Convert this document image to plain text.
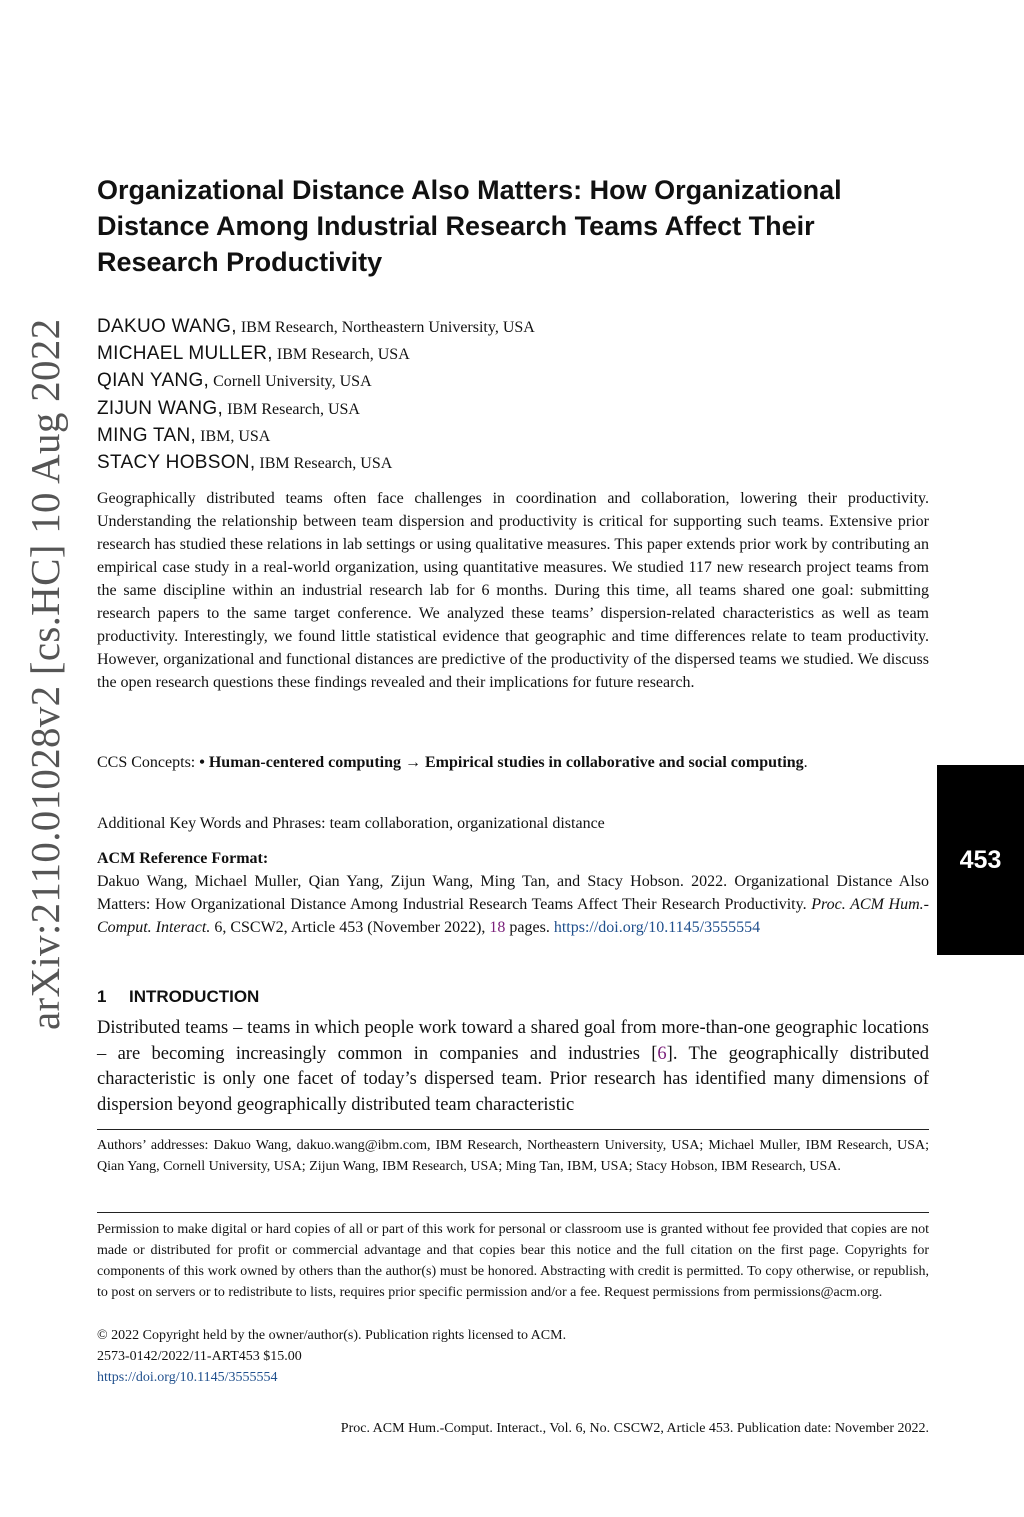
arXiv:2110.01028v2 [cs.HC] 10 Aug 2022
Organizational Distance Also Matters: How Organizational Distance Among Industrial Research Teams Affect Their Research Productivity
DAKUO WANG, IBM Research, Northeastern University, USA
MICHAEL MULLER, IBM Research, USA
QIAN YANG, Cornell University, USA
ZIJUN WANG, IBM Research, USA
MING TAN, IBM, USA
STACY HOBSON, IBM Research, USA

Geographically distributed teams often face challenges in coordination and collaboration, lowering their productivity. Understanding the relationship between team dispersion and productivity is critical for supporting such teams. Extensive prior research has studied these relations in lab settings or using qualitative measures. This paper extends prior work by contributing an empirical case study in a real-world organization, using quantitative measures. We studied 117 new research project teams from the same discipline within an industrial research lab for 6 months. During this time, all teams shared one goal: submitting research papers to the same target conference. We analyzed these teams’ dispersion-related characteristics as well as team productivity. Interestingly, we found little statistical evidence that geographic and time differences relate to team productivity. However, organizational and functional distances are predictive of the productivity of the dispersed teams we studied. We discuss the open research questions these findings revealed and their implications for future research.

CCS Concepts: • Human-centered computing → Empirical studies in collaborative and social computing.

Additional Key Words and Phrases: team collaboration, organizational distance

ACM Reference Format:
Dakuo Wang, Michael Muller, Qian Yang, Zijun Wang, Ming Tan, and Stacy Hobson. 2022. Organizational Distance Also Matters: How Organizational Distance Among Industrial Research Teams Affect Their Research Productivity. Proc. ACM Hum.-Comput. Interact. 6, CSCW2, Article 453 (November 2022), 18 pages. https://doi.org/10.1145/3555554

453
1 INTRODUCTION

Distributed teams – teams in which people work toward a shared goal from more-than-one geographic locations – are becoming increasingly common in companies and industries [6]. The geographically distributed characteristic is only one facet of today’s dispersed team. Prior research has identified many dimensions of dispersion beyond geographically distributed team characteristic

Authors’ addresses: Dakuo Wang, dakuo.wang@ibm.com, IBM Research, Northeastern University, USA; Michael Muller, IBM Research, USA; Qian Yang, Cornell University, USA; Zijun Wang, IBM Research, USA; Ming Tan, IBM, USA; Stacy Hobson, IBM Research, USA.

Permission to make digital or hard copies of all or part of this work for personal or classroom use is granted without fee provided that copies are not made or distributed for profit or commercial advantage and that copies bear this notice and the full citation on the first page. Copyrights for components of this work owned by others than the author(s) must be honored. Abstracting with credit is permitted. To copy otherwise, or republish, to post on servers or to redistribute to lists, requires prior specific permission and/or a fee. Request permissions from permissions@acm.org.

© 2022 Copyright held by the owner/author(s). Publication rights licensed to ACM.
2573-0142/2022/11-ART453 $15.00
https://doi.org/10.1145/3555554
Proc. ACM Hum.-Comput. Interact., Vol. 6, No. CSCW2, Article 453. Publication date: November 2022.
